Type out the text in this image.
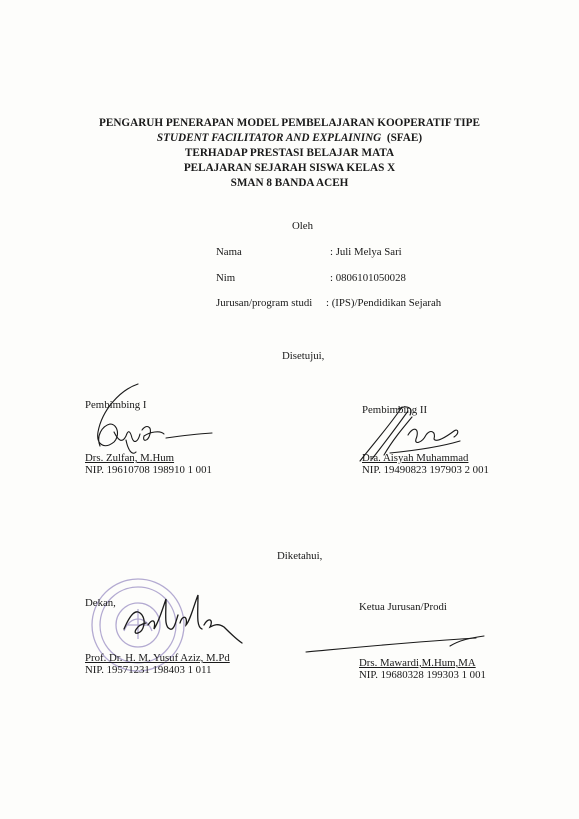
PENGARUH PENERAPAN MODEL PEMBELAJARAN KOOPERATIF TIPE
STUDENT FACILITATOR AND EXPLAINING (SFAE)
TERHADAP PRESTASI BELAJAR MATA
PELAJARAN SEJARAH SISWA KELAS X
SMAN 8 BANDA ACEH
Oleh
Nama	: Juli Melya Sari
Nim	: 0806101050028
Jurusan/program studi : (IPS)/Pendidikan Sejarah
Disetujui,
Pembimbing I
Drs. Zulfan, M.Hum
NIP. 19610708 198910 1 001
Pembimbing II
Dra. Aisyah Muhammad
NIP. 19490823 197903 2 001
Diketahui,
Dekan,
Prof. Dr. H. M. Yusuf Aziz, M.Pd
NIP. 19571231 198403 1 011
Ketua Jurusan/Prodi
Drs. Mawardi,M.Hum,MA
NIP. 19680328 199303 1 001
